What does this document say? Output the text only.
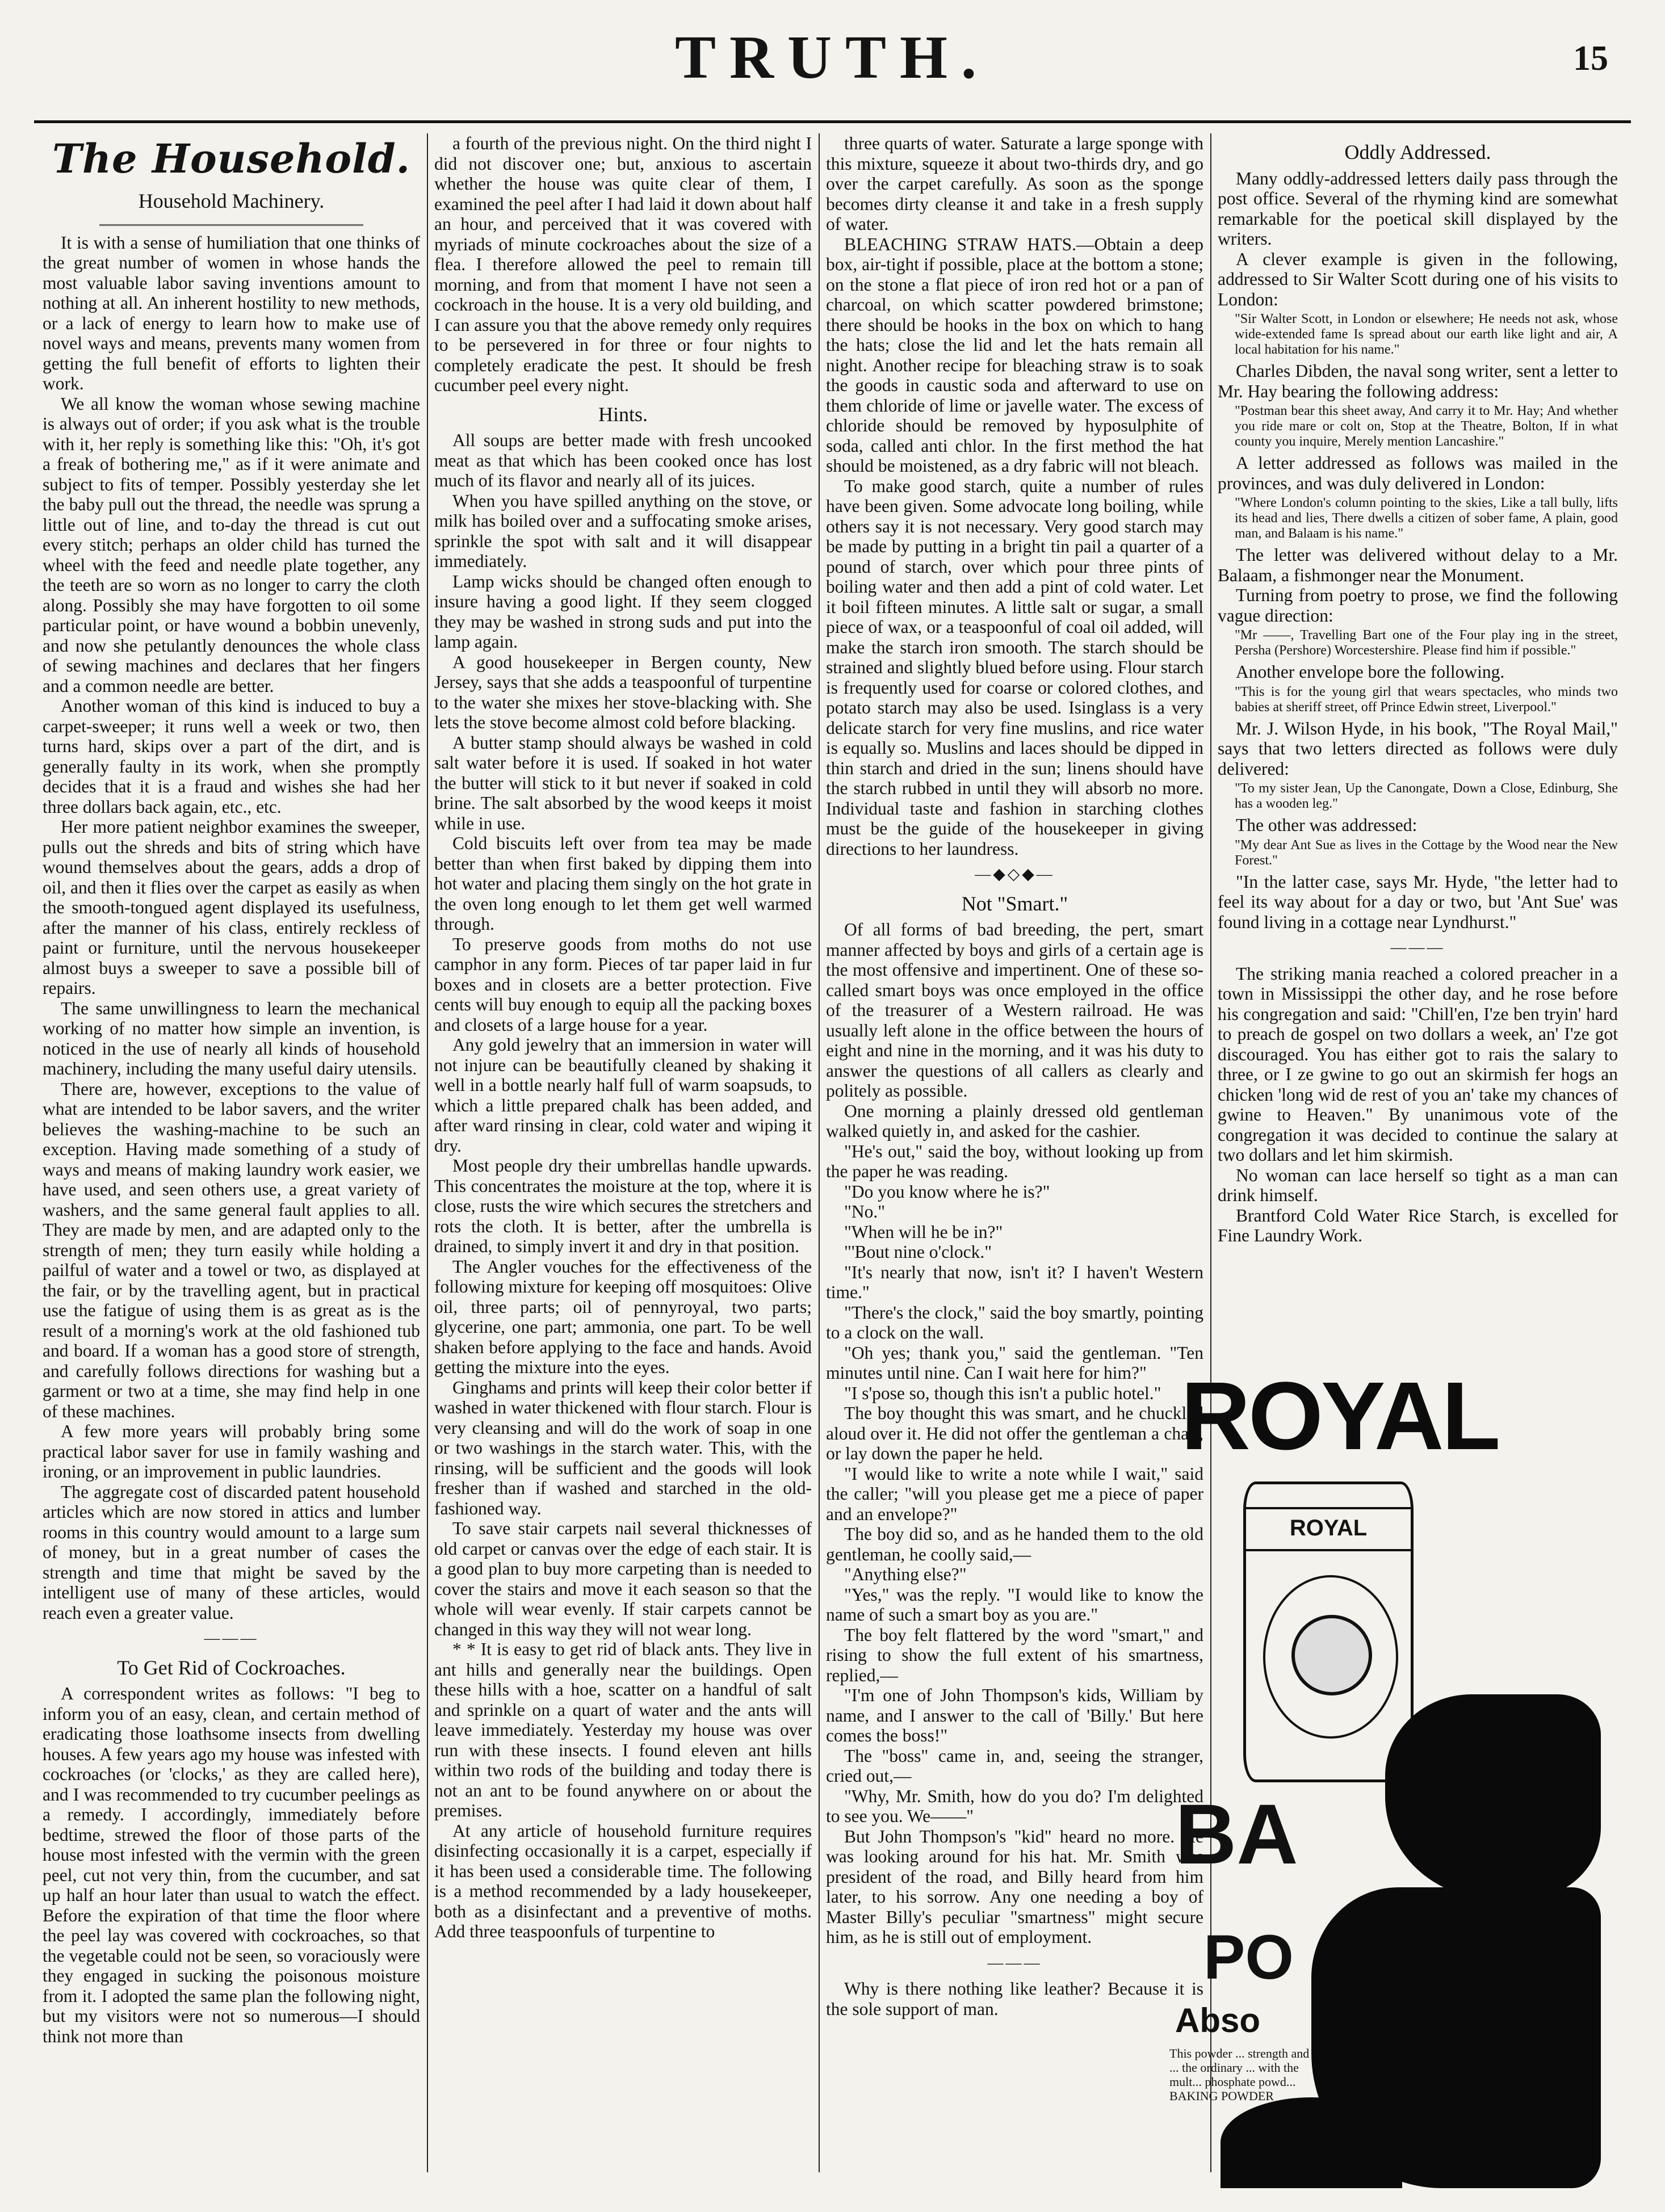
TRUTH.	15
The Household.
Household Machinery.

It is with a sense of humiliation that one thinks of the great number of women in whose hands the most valuable labor saving inventions amount to nothing at all. An inherent hostility to new methods, or a lack of energy to learn how to make use of novel ways and means, prevents many women from getting the full benefit of efforts to lighten their work.

We all know the woman whose sewing machine is always out of order; if you ask what is the trouble with it, her reply is something like this: "Oh, it's got a freak of bothering me," as if it were animate and subject to fits of temper. Possibly yesterday she let the baby pull out the thread, the needle was sprung a little out of line, and to-day the thread is cut out every stitch; perhaps an older child has turned the wheel with the feed and needle plate together, any the teeth are so worn as no longer to carry the cloth along. Possibly she may have forgotten to oil some particular point, or have wound a bobbin unevenly, and now she petulantly denounces the whole class of sewing machines and declares that her fingers and a common needle are better.

Another woman of this kind is induced to buy a carpet-sweeper; it runs well a week or two, then turns hard, skips over a part of the dirt, and is generally faulty in its work, when she promptly decides that it is a fraud and wishes she had her three dollars back again, etc., etc.

Her more patient neighbor examines the sweeper, pulls out the shreds and bits of string which have wound themselves about the gears, adds a drop of oil, and then it flies over the carpet as easily as when the smooth-tongued agent displayed its usefulness, after the manner of his class, entirely reckless of paint or furniture, until the nervous housekeeper almost buys a sweeper to save a possible bill of repairs.

The same unwillingness to learn the mechanical working of no matter how simple an invention, is noticed in the use of nearly all kinds of household machinery, including the many useful dairy utensils.

There are, however, exceptions to the value of what are intended to be labor savers, and the writer believes the washing-machine to be such an exception. Having made something of a study of ways and means of making laundry work easier, we have used, and seen others use, a great variety of washers, and the same general fault applies to all. They are made by men, and are adapted only to the strength of men; they turn easily while holding a pailful of water and a towel or two, as displayed at the fair, or by the travelling agent, but in practical use the fatigue of using them is as great as is the result of a morning's work at the old fashioned tub and board. If a woman has a good store of strength, and carefully follows directions for washing but a garment or two at a time, she may find help in one of these machines.

A few more years will probably bring some practical labor saver for use in family washing and ironing, or an improvement in public laundries.

The aggregate cost of discarded patent household articles which are now stored in attics and lumber rooms in this country would amount to a large sum of money, but in a great number of cases the strength and time that might be saved by the intelligent use of many of these articles, would reach even a greater value.

———
To Get Rid of Cockroaches.

A correspondent writes as follows: "I beg to inform you of an easy, clean, and certain method of eradicating those loathsome insects from dwelling houses. A few years ago my house was infested with cockroaches (or 'clocks,' as they are called here), and I was recommended to try cucumber peelings as a remedy. I accordingly, immediately before bedtime, strewed the floor of those parts of the house most infested with the vermin with the green peel, cut not very thin, from the cucumber, and sat up half an hour later than usual to watch the effect. Before the expiration of that time the floor where the peel lay was covered with cockroaches, so that the vegetable could not be seen, so voraciously were they engaged in sucking the poisonous moisture from it. I adopted the same plan the following night, but my visitors were not so numerous—I should think not more than

a fourth of the previous night. On the third night I did not discover one; but, anxious to ascertain whether the house was quite clear of them, I examined the peel after I had laid it down about half an hour, and perceived that it was covered with myriads of minute cockroaches about the size of a flea. I therefore allowed the peel to remain till morning, and from that moment I have not seen a cockroach in the house. It is a very old building, and I can assure you that the above remedy only requires to be persevered in for three or four nights to completely eradicate the pest. It should be fresh cucumber peel every night.

Hints.

All soups are better made with fresh uncooked meat as that which has been cooked once has lost much of its flavor and nearly all of its juices.

When you have spilled anything on the stove, or milk has boiled over and a suffocating smoke arises, sprinkle the spot with salt and it will disappear immediately.

Lamp wicks should be changed often enough to insure having a good light. If they seem clogged they may be washed in strong suds and put into the lamp again.

A good housekeeper in Bergen county, New Jersey, says that she adds a teaspoonful of turpentine to the water she mixes her stove-blacking with. She lets the stove become almost cold before blacking.

A butter stamp should always be washed in cold salt water before it is used. If soaked in hot water the butter will stick to it but never if soaked in cold brine. The salt absorbed by the wood keeps it moist while in use.

Cold biscuits left over from tea may be made better than when first baked by dipping them into hot water and placing them singly on the hot grate in the oven long enough to let them get well warmed through.

To preserve goods from moths do not use camphor in any form. Pieces of tar paper laid in fur boxes and in closets are a better protection. Five cents will buy enough to equip all the packing boxes and closets of a large house for a year.

Any gold jewelry that an immersion in water will not injure can be beautifully cleaned by shaking it well in a bottle nearly half full of warm soapsuds, to which a little prepared chalk has been added, and after ward rinsing in clear, cold water and wiping it dry.

Most people dry their umbrellas handle upwards. This concentrates the moisture at the top, where it is close, rusts the wire which secures the stretchers and rots the cloth. It is better, after the umbrella is drained, to simply invert it and dry in that position.

The Angler vouches for the effectiveness of the following mixture for keeping off mosquitoes: Olive oil, three parts; oil of pennyroyal, two parts; glycerine, one part; ammonia, one part. To be well shaken before applying to the face and hands. Avoid getting the mixture into the eyes.

Ginghams and prints will keep their color better if washed in water thickened with flour starch. Flour is very cleansing and will do the work of soap in one or two washings in the starch water. This, with the rinsing, will be sufficient and the goods will look fresher than if washed and starched in the old-fashioned way.

To save stair carpets nail several thicknesses of old carpet or canvas over the edge of each stair. It is a good plan to buy more carpeting than is needed to cover the stairs and move it each season so that the whole will wear evenly. If stair carpets cannot be changed in this way they will not wear long.

* * It is easy to get rid of black ants. They live in ant hills and generally near the buildings. Open these hills with a hoe, scatter on a handful of salt and sprinkle on a quart of water and the ants will leave immediately. Yesterday my house was over run with these insects. I found eleven ant hills within two rods of the building and today there is not an ant to be found anywhere on or about the premises.

At any article of household furniture requires disinfecting occasionally it is a carpet, especially if it has been used a considerable time. The following is a method recommended by a lady housekeeper, both as a disinfectant and a preventive of moths. Add three teaspoonfuls of turpentine to

three quarts of water. Saturate a large sponge with this mixture, squeeze it about two-thirds dry, and go over the carpet carefully. As soon as the sponge becomes dirty cleanse it and take in a fresh supply of water.

BLEACHING STRAW HATS.—Obtain a deep box, air-tight if possible, place at the bottom a stone; on the stone a flat piece of iron red hot or a pan of charcoal, on which scatter powdered brimstone; there should be hooks in the box on which to hang the hats; close the lid and let the hats remain all night. Another recipe for bleaching straw is to soak the goods in caustic soda and afterward to use on them chloride of lime or javelle water. The excess of chloride should be removed by hyposulphite of soda, called anti chlor. In the first method the hat should be moistened, as a dry fabric will not bleach.

To make good starch, quite a number of rules have been given. Some advocate long boiling, while others say it is not necessary. Very good starch may be made by putting in a bright tin pail a quarter of a pound of starch, over which pour three pints of boiling water and then add a pint of cold water. Let it boil fifteen minutes. A little salt or sugar, a small piece of wax, or a teaspoonful of coal oil added, will make the starch iron smooth. The starch should be strained and slightly blued before using. Flour starch is frequently used for coarse or colored clothes, and potato starch may also be used. Isinglass is a very delicate starch for very fine muslins, and rice water is equally so. Muslins and laces should be dipped in thin starch and dried in the sun; linens should have the starch rubbed in until they will absorb no more. Individual taste and fashion in starching clothes must be the guide of the housekeeper in giving directions to her laundress.

—◆◇◆—
Not "Smart."

Of all forms of bad breeding, the pert, smart manner affected by boys and girls of a certain age is the most offensive and impertinent. One of these so-called smart boys was once employed in the office of the treasurer of a Western railroad. He was usually left alone in the office between the hours of eight and nine in the morning, and it was his duty to answer the questions of all callers as clearly and politely as possible.

One morning a plainly dressed old gentleman walked quietly in, and asked for the cashier.

"He's out," said the boy, without looking up from the paper he was reading.

"Do you know where he is?"

"No."

"When will he be in?"

"'Bout nine o'clock."

"It's nearly that now, isn't it? I haven't Western time."

"There's the clock," said the boy smartly, pointing to a clock on the wall.

"Oh yes; thank you," said the gentleman. "Ten minutes until nine. Can I wait here for him?"

"I s'pose so, though this isn't a public hotel."

The boy thought this was smart, and he chuckled aloud over it. He did not offer the gentleman a chair, or lay down the paper he held.

"I would like to write a note while I wait," said the caller; "will you please get me a piece of paper and an envelope?"

The boy did so, and as he handed them to the old gentleman, he coolly said,—

"Anything else?"

"Yes," was the reply. "I would like to know the name of such a smart boy as you are."

The boy felt flattered by the word "smart," and rising to show the full extent of his smartness, replied,—

"I'm one of John Thompson's kids, William by name, and I answer to the call of 'Billy.' But here comes the boss!"

The "boss" came in, and, seeing the stranger, cried out,—

"Why, Mr. Smith, how do you do? I'm delighted to see you. We——"

But John Thompson's "kid" heard no more. He was looking around for his hat. Mr. Smith was president of the road, and Billy heard from him later, to his sorrow. Any one needing a boy of Master Billy's peculiar "smartness" might secure him, as he is still out of employment.

———

Why is there nothing like leather? Because it is the sole support of man.

Oddly Addressed.

Many oddly-addressed letters daily pass through the post office. Several of the rhyming kind are somewhat remarkable for the poetical skill displayed by the writers.

A clever example is given in the following, addressed to Sir Walter Scott during one of his visits to London:

"Sir Walter Scott, in London or elsewhere; He needs not ask, whose wide-extended fame Is spread about our earth like light and air, A local habitation for his name."

Charles Dibden, the naval song writer, sent a letter to Mr. Hay bearing the following address:

"Postman bear this sheet away, And carry it to Mr. Hay; And whether you ride mare or colt on, Stop at the Theatre, Bolton, If in what county you inquire, Merely mention Lancashire."

A letter addressed as follows was mailed in the provinces, and was duly delivered in London:

"Where London's column pointing to the skies, Like a tall bully, lifts its head and lies, There dwells a citizen of sober fame, A plain, good man, and Balaam is his name."

The letter was delivered without delay to a Mr. Balaam, a fishmonger near the Monument.

Turning from poetry to prose, we find the following vague direction:

"Mr ——, Travelling Bart one of the Four play ing in the street, Persha (Pershore) Worcestershire. Please find him if possible."

Another envelope bore the following.

"This is for the young girl that wears spectacles, who minds two babies at sheriff street, off Prince Edwin street, Liverpool."

Mr. J. Wilson Hyde, in his book, "The Royal Mail," says that two letters directed as follows were duly delivered:

"To my sister Jean, Up the Canongate, Down a Close, Edinburg, She has a wooden leg."

The other was addressed:

"My dear Ant Sue as lives in the Cottage by the Wood near the New Forest."

"In the latter case, says Mr. Hyde, "the letter had to feel its way about for a day or two, but 'Ant Sue' was found living in a cottage near Lyndhurst."

———

The striking mania reached a colored preacher in a town in Mississippi the other day, and he rose before his congregation and said: "Chill'en, I'ze ben tryin' hard to preach de gospel on two dollars a week, an' I'ze got discouraged. You has either got to rais the salary to three, or I ze gwine to go out an skirmish fer hogs an chicken 'long wid de rest of you an' take my chances of gwine to Heaven." By unanimous vote of the congregation it was decided to continue the salary at two dollars and let him skirmish.

No woman can lace herself so tight as a man can drink himself.

Brantford Cold Water Rice Starch, is excelled for Fine Laundry Work.

ROYAL
ROYAL
BA
PO
Abso
This powder ... strength and ... the ordinary ... with the mult... phosphate powd... BAKING POWDER
